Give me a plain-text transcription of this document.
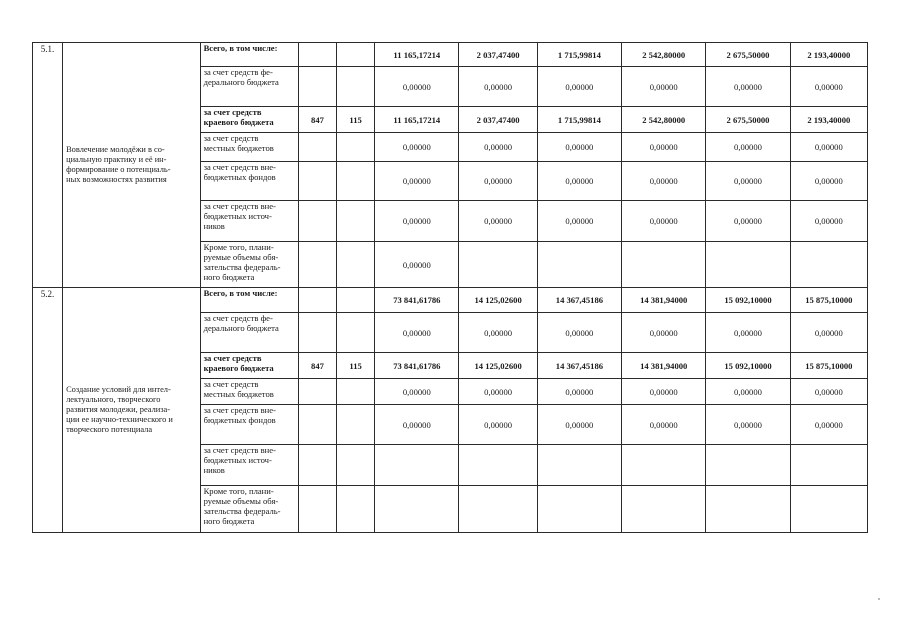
5.1.	Вовлечение молодёжи в со-
циальную практику и её ин-
формирование о потенциаль-
ных возможностях развития	Всего, в том числе:			11 165,17214	2 037,47400	1 715,99814	2 542,80000	2 675,50000	2 193,40000

		за счет средств фе-
дерального бюджета			0,00000	0,00000	0,00000	0,00000	0,00000	0,00000

		за счет средств
краевого бюджета	847	115	11 165,17214	2 037,47400	1 715,99814	2 542,80000	2 675,50000	2 193,40000

		за счет средств
местных бюджетов			0,00000	0,00000	0,00000	0,00000	0,00000	0,00000

		за счет средств вне-
бюджетных фондов			0,00000	0,00000	0,00000	0,00000	0,00000	0,00000

		за счет средств вне-
бюджетных источ-
ников			0,00000	0,00000	0,00000	0,00000	0,00000	0,00000

		Кроме того, плани-
руемые объемы обя-
зательства федераль-
ного бюджета			0,00000					
5.2.	Создание условий для интел-
лектуального, творческого
развития молодежи, реализа-
ции ее научно-технического и
творческого потенциала	Всего, в том числе:			73 841,61786	14 125,02600	14 367,45186	14 381,94000	15 092,10000	15 875,10000

		за счет средств фе-
дерального бюджета			0,00000	0,00000	0,00000	0,00000	0,00000	0,00000

		за счет средств
краевого бюджета	847	115	73 841,61786	14 125,02600	14 367,45186	14 381,94000	15 092,10000	15 875,10000

		за счет средств
местных бюджетов			0,00000	0,00000	0,00000	0,00000	0,00000	0,00000

		за счет средств вне-
бюджетных фондов			0,00000	0,00000	0,00000	0,00000	0,00000	0,00000

		за счет средств вне-
бюджетных источ-
ников								

		Кроме того, плани-
руемые объемы обя-
зательства федераль-
ного бюджета								
